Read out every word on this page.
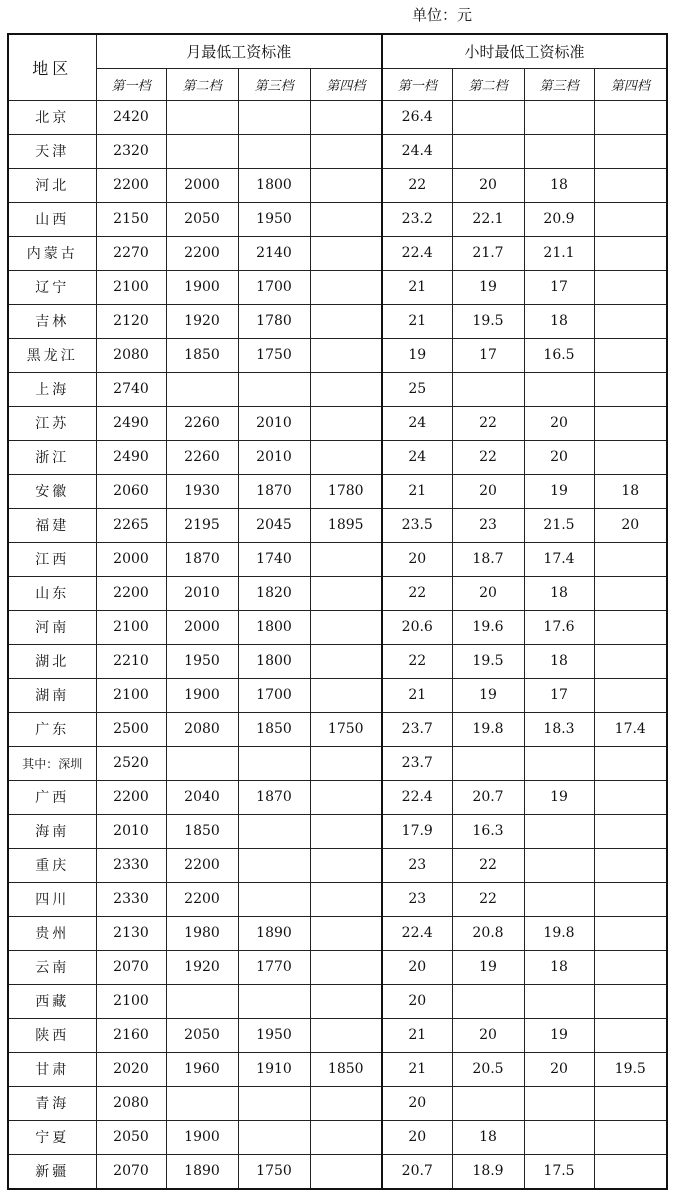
单位：元
地区	月最低工资标准				小时最低工资标准			
	第一档	第二档	第三档	第四档	第一档	第二档	第三档	第四档
北京	2420				26.4			
天津	2320				24.4			
河北	2200	2000	1800		22	20	18	
山西	2150	2050	1950		23.2	22.1	20.9	
内蒙古	2270	2200	2140		22.4	21.7	21.1	
辽宁	2100	1900	1700		21	19	17	
吉林	2120	1920	1780		21	19.5	18	
黑龙江	2080	1850	1750		19	17	16.5	
上海	2740				25			
江苏	2490	2260	2010		24	22	20	
浙江	2490	2260	2010		24	22	20	
安徽	2060	1930	1870	1780	21	20	19	18
福建	2265	2195	2045	1895	23.5	23	21.5	20
江西	2000	1870	1740		20	18.7	17.4	
山东	2200	2010	1820		22	20	18	
河南	2100	2000	1800		20.6	19.6	17.6	
湖北	2210	1950	1800		22	19.5	18	
湖南	2100	1900	1700		21	19	17	
广东	2500	2080	1850	1750	23.7	19.8	18.3	17.4
其中：深圳	2520				23.7			
广西	2200	2040	1870		22.4	20.7	19	
海南	2010	1850			17.9	16.3		
重庆	2330	2200			23	22		
四川	2330	2200			23	22		
贵州	2130	1980	1890		22.4	20.8	19.8	
云南	2070	1920	1770		20	19	18	
西藏	2100				20			
陕西	2160	2050	1950		21	20	19	
甘肃	2020	1960	1910	1850	21	20.5	20	19.5
青海	2080				20			
宁夏	2050	1900			20	18		
新疆	2070	1890	1750		20.7	18.9	17.5	
